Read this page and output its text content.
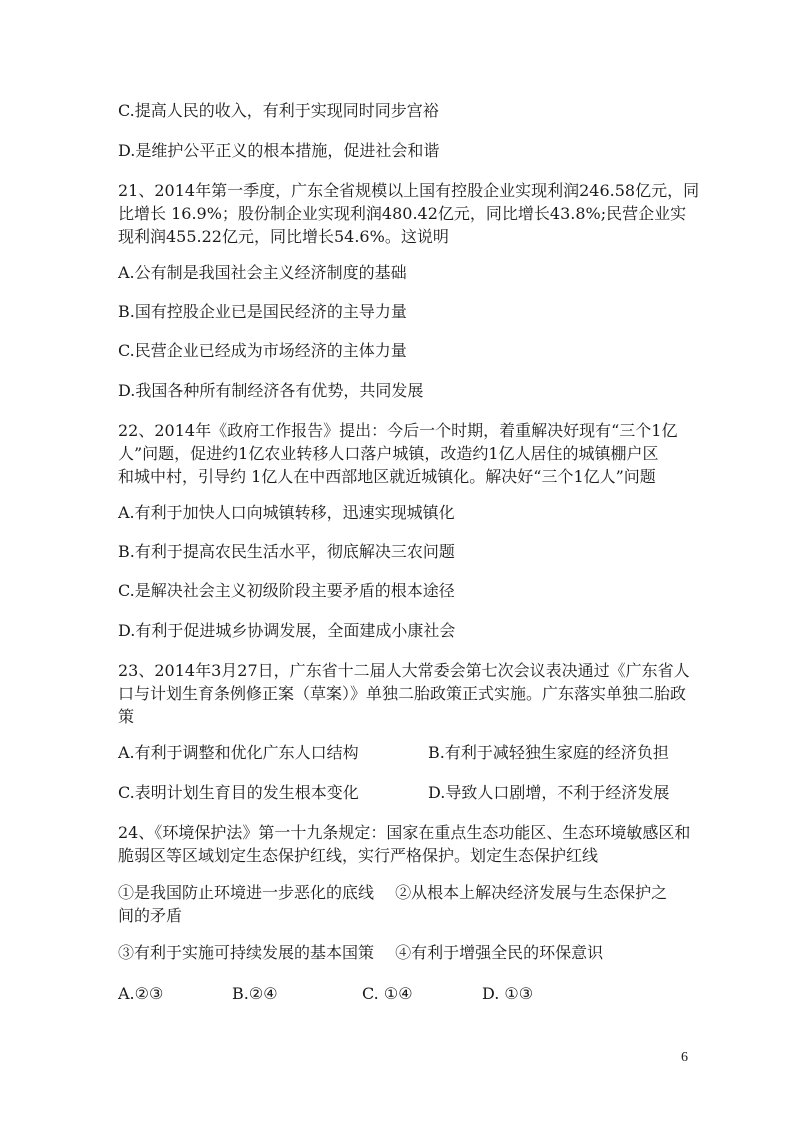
C.提高人民的收入，有利于实现同时同步宫裕
D.是维护公平正义的根本措施，促进社会和谐
21、2014年第一季度，广东全省规模以上国有控股企业实现利润246.58亿元，同
比增长 16.9%；股份制企业实现利润480.42亿元，同比增长43.8%;民营企业实
现利润455.22亿元，同比增长54.6%。这说明
A.公有制是我国社会主义经济制度的基础
B.国有控股企业已是国民经济的主导力量
C.民营企业已经成为市场经济的主体力量
D.我国各种所有制经济各有优势，共同发展
22、2014年《政府工作报告》提出：今后一个时期，着重解决好现有“三个1亿
人”问题，促进约1亿农业转移人口落户城镇，改造约1亿人居住的城镇棚户区
和城中村，引导约 1亿人在中西部地区就近城镇化。解决好“三个1亿人”问题
A.有利于加快人口向城镇转移，迅速实现城镇化
B.有利于提高农民生活水平，彻底解决三农问题
C.是解决社会主义初级阶段主要矛盾的根本途径
D.有利于促进城乡协调发展，全面建成小康社会
23、2014年3月27日，广东省十二届人大常委会第七次会议表决通过《广东省人
口与计划生育条例修正案（草案）》单独二胎政策正式实施。广东落实单独二胎政
策
A.有利于调整和优化广东人口结构	B.有利于减轻独生家庭的经济负担
C.表明计划生育目的发生根本变化	D.导致人口剧增，不利于经济发展
24、《环境保护法》第一十九条规定：国家在重点生态功能区、生态环境敏感区和
脆弱区等区域划定生态保护红线，实行严格保护。划定生态保护红线
①是我国防止环境进一步恶化的底线　 ②从根本上解决经济发展与生态保护之
间的矛盾
③有利于实施可持续发展的基本国策　 ④有利于增强全民的环保意识
A.②③	B.②④	C. ①④	D. ①③
6
